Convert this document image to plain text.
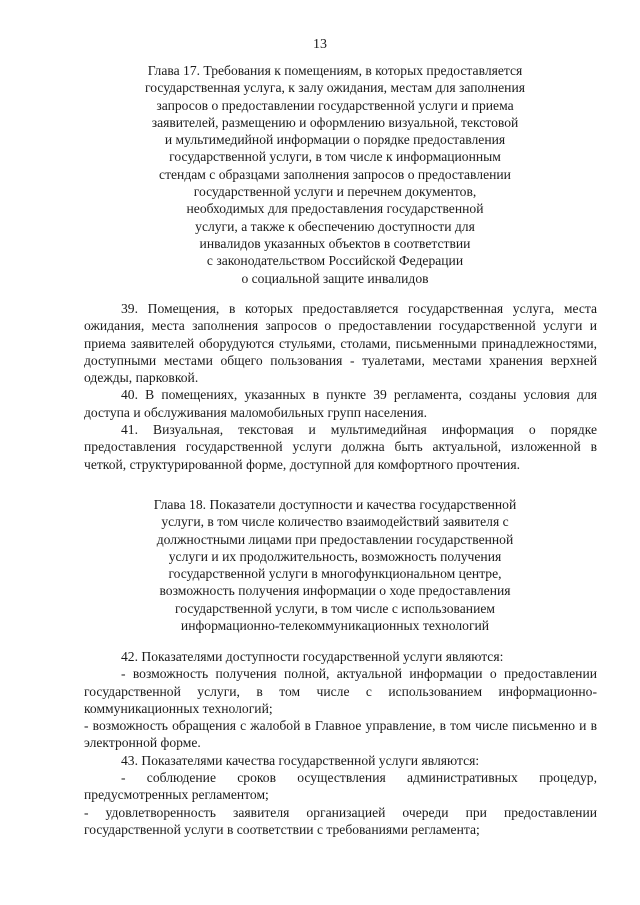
13
Глава 17. Требования к помещениям, в которых предоставляется
государственная услуга, к залу ожидания, местам для заполнения
запросов о предоставлении государственной услуги и приема
заявителей, размещению и оформлению визуальной, текстовой
и мультимедийной информации о порядке предоставления
государственной услуги, в том числе к информационным
стендам с образцами заполнения запросов о предоставлении
государственной услуги и перечнем документов,
необходимых для предоставления государственной
услуги, а также к обеспечению доступности для
инвалидов указанных объектов в соответствии
с законодательством Российской Федерации
о социальной защите инвалидов

39. Помещения, в которых предоставляется государственная услуга, места ожидания, места заполнения запросов о предоставлении государственной услуги и приема заявителей оборудуются стульями, столами, письменными принадлежностями, доступными местами общего пользования - туалетами, местами хранения верхней одежды, парковкой.

40. В помещениях, указанных в пункте 39 регламента, созданы условия для доступа и обслуживания маломобильных групп населения.

41. Визуальная, текстовая и мультимедийная информация о порядке предоставления государственной услуги должна быть актуальной, изложенной в четкой, структурированной форме, доступной для комфортного прочтения.

Глава 18. Показатели доступности и качества государственной
услуги, в том числе количество взаимодействий заявителя с
должностными лицами при предоставлении государственной
услуги и их продолжительность, возможность получения
государственной услуги в многофункциональном центре,
возможность получения информации о ходе предоставления
государственной услуги, в том числе с использованием
информационно-телекоммуникационных технологий

42. Показателями доступности государственной услуги являются:

- возможность получения полной, актуальной информации о предоставлении государственной услуги, в том числе с использованием информационно-коммуникационных технологий;

- возможность обращения с жалобой в Главное управление, в том числе письменно и в электронной форме.

43. Показателями качества государственной услуги являются:

- соблюдение сроков осуществления административных процедур, предусмотренных регламентом;

- удовлетворенность заявителя организацией очереди при предоставлении государственной услуги в соответствии с требованиями регламента;
